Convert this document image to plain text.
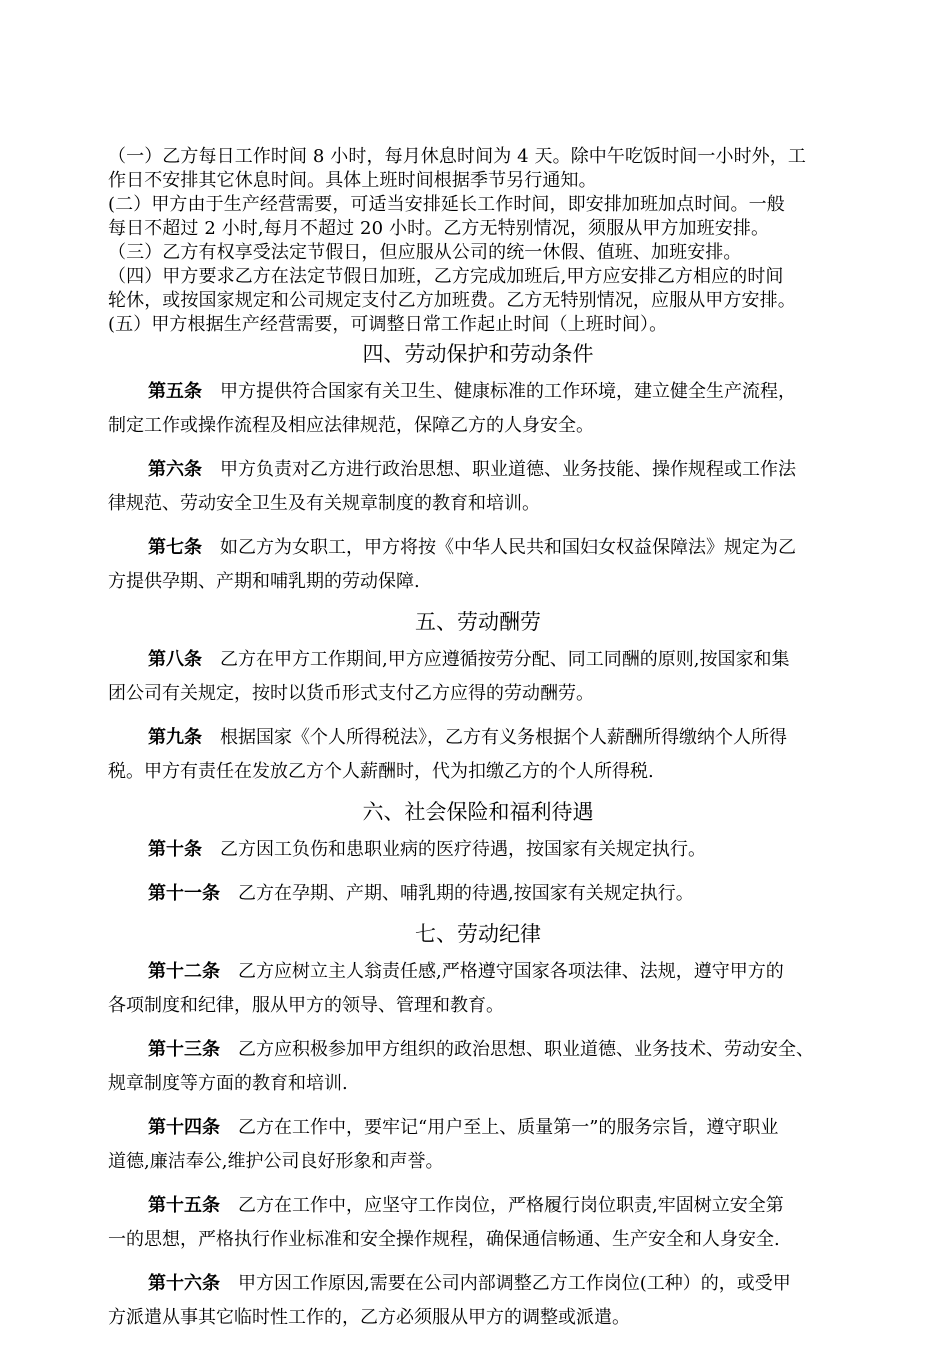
（一）乙方每日工作时间 8 小时，每月休息时间为 4 天。除中午吃饭时间一小时外，工
作日不安排其它休息时间。具体上班时间根据季节另行通知。
(二）甲方由于生产经营需要，可适当安排延长工作时间，即安排加班加点时间。一般
每日不超过 2 小时,每月不超过 20 小时。乙方无特别情况，须服从甲方加班安排。
（三）乙方有权享受法定节假日，但应服从公司的统一休假、值班、加班安排。
（四）甲方要求乙方在法定节假日加班，乙方完成加班后,甲方应安排乙方相应的时间
轮休，或按国家规定和公司规定支付乙方加班费。乙方无特别情况，应服从甲方安排。
(五）甲方根据生产经营需要，可调整日常工作起止时间（上班时间）。
四、劳动保护和劳动条件
第五条 甲方提供符合国家有关卫生、健康标准的工作环境，建立健全生产流程，
制定工作或操作流程及相应法律规范，保障乙方的人身安全。
第六条 甲方负责对乙方进行政治思想、职业道德、业务技能、操作规程或工作法
律规范、劳动安全卫生及有关规章制度的教育和培训。
第七条 如乙方为女职工，甲方将按《中华人民共和国妇女权益保障法》规定为乙
方提供孕期、产期和哺乳期的劳动保障.
五、劳动酬劳
第八条 乙方在甲方工作期间,甲方应遵循按劳分配、同工同酬的原则,按国家和集
团公司有关规定，按时以货币形式支付乙方应得的劳动酬劳。
第九条 根据国家《个人所得税法》，乙方有义务根据个人薪酬所得缴纳个人所得
税。甲方有责任在发放乙方个人薪酬时，代为扣缴乙方的个人所得税.
六、社会保险和福利待遇
第十条 乙方因工负伤和患职业病的医疗待遇，按国家有关规定执行。
第十一条 乙方在孕期、产期、哺乳期的待遇,按国家有关规定执行。
七、劳动纪律
第十二条 乙方应树立主人翁责任感,严格遵守国家各项法律、法规，遵守甲方的
各项制度和纪律，服从甲方的领导、管理和教育。
第十三条 乙方应积极参加甲方组织的政治思想、职业道德、业务技术、劳动安全、
规章制度等方面的教育和培训.
第十四条 乙方在工作中，要牢记“用户至上、质量第一”的服务宗旨，遵守职业
道德,廉洁奉公,维护公司良好形象和声誉。
第十五条 乙方在工作中，应坚守工作岗位，严格履行岗位职责,牢固树立安全第
一的思想，严格执行作业标准和安全操作规程，确保通信畅通、生产安全和人身安全.
第十六条 甲方因工作原因,需要在公司内部调整乙方工作岗位(工种）的，或受甲
方派遣从事其它临时性工作的，乙方必须服从甲方的调整或派遣。
